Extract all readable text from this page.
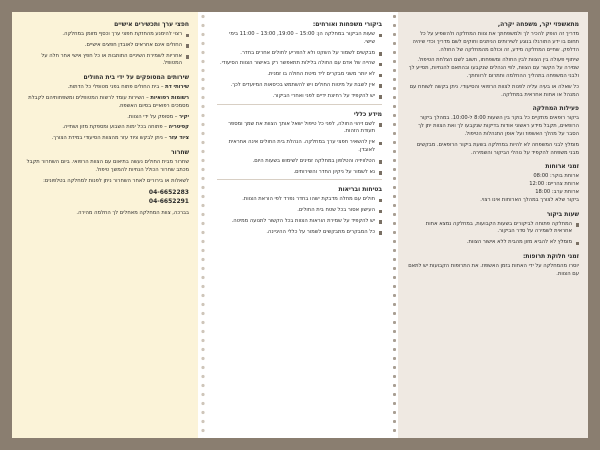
מתאשפזי יקר, משפחה יקרה,

מדריך זה הופק להכיר לך ולמשפחתך את צוות המחלקה ולהשפיע על כל תחום בו ידע התורגלו בנוגע לשירותים הניתנים וחוקים לשם מדריך וכדי שיהיה הדלפק. שחיים המחלקה מידע, זה וכולם מהמחלקה של החולה.

שיתוף פעולה בין הצוות לבין החולה ומשפחתו, חשוב לשם הצלחת הטיפול. שמירה על הקשר עם הצוות, לפי הנהלים שנקבעו ובהתאם להנחיות, תסייע לך ולבני המשפחה בתהליך ההחלמה ותתרום לרווחתך.

כל שאלה או בעיה עליה לפנות לצוות הרפואי והסיעודי. ניתן בקשה לשוחח עם המנהל או אחות אחראית במחלקה.

פעילות המחלקה

ביקור רופאים מתקיים כל בוקר בין השעות 8:00 ל-10:00. במהלך ביקור הרופאים, תקבל מידע ראשוני אודות בדיקות שנקבעו לך ואת הצוות יתן לך הסבר על מהלך האשפוז ועל אופן התנהלות הטיפול.

מומלץ לבני המשפחה לא להיות במחלקה בשעת ביקור הרופאים. מבקשים מבני משפחה להקפיד על נוהלי הביקור והשמירה.

זמני ארוחות
ארוחת בוקר: 08:00
ארוחת צהריים: 12:00
ארוחת ערב: 18:00

ביקור שלא לצורך במהלך הארוחות אינו רצוי.

שעות ביקור
המחלקה פתוחה לביקורים בשעות הקבועות, במחלקה נמצא אחות אחראית לשמירה על סדר הביקור.
מומלץ לא להביא מזון מהבית ללא אישור הצוות.
זמני חלוקת תרופות:

יוסרו מהמחלקה על ידי האחות בזמן האשפוז. את התרופות הקבועות יש לתאם עם הצוות.

ביקורי משפחות ואורחים:
שעות הביקור במחלקה הן: 15:00 – 19:00, 13:00 – 11:00 בימי שישי.
מבקשים לשמור על השקט ולא להפריע לחולים אחרים בחדר.
שהייה של אדם עם החולה בלילות תתאפשר רק באישור הצוות הסיעודי.
לא יותר משני מבקרים ליד מיטת החולה בו זמנית.
אין לשבת על מיטות החולים ויש להשתמש בכיסאות המיועדים לכך.
יש להקפיד על רחיצת ידיים לפני ואחרי הביקור.
מידע כללי
לשם זיהוי החולה, לפני כל טיפול ישאל אותך הצוות את שמך ומספר תעודת הזהות.
אין להשאיר חפצי ערך במחלקה. הנהלת בית החולים אינה אחראית לאובדן.
הטלוויזיה והטלפון במחלקה זמינים לשימוש בשעות היום.
נא לשמור על ניקיון החדר והשירותים.
בטיחות ובריאות
חולים עם מחלה מדבקת ישהו בחדר נפרד לפי הוראת הצוות.
העישון אסור בכל שטח בית החולים.
יש להקפיד על שמירת הוראות הצוות בכל הקשור לתנועה ממיטה.
כל המבקרים מתבקשים לשמור על כללי ההיגיינה.
חפצי ערך ותכשירים אישיים
רצוי להימנע מהחזקת חפצי ערך וכסף מזומן במחלקה.
החולים אינם אחראים לאובדן חפצים אישיים.
אחריות לשמירת השיניים התותבות או כל חפץ אישי אחר חלה על המטופל.
שירותים המסופקים על ידי בית החולים

שירותי דת – בית החולים פתוח בפני מטופלי כל הדתות.

רשומות רפואיות – השירות עומד לרשות המטופלים ומשפחותיהם לקבלת מסמכים רפואיים בסיום האשפוז.

יקיר – מסופק על ידי הצוות.

קפיטריה – פתוחה בכל ימות השבוע ומספקת מזון ושתייה.

ציוד עזר – ניתן לבקש ציוד עזר מהצוות הסיעודי במידת הצורך.

שחרור

שחרור מבית החולים נעשה בתיאום עם הצוות הרפואי. ביום השחרור תקבל מכתב שחרור הכולל הנחיות להמשך טיפול.

לשאלות או בירורים לאחר השחרור ניתן לפנות למחלקה בטלפונים:

04-6652283
04-6652291

בברכה, צוות המחלקה מאחלים לך החלמה מהירה.
